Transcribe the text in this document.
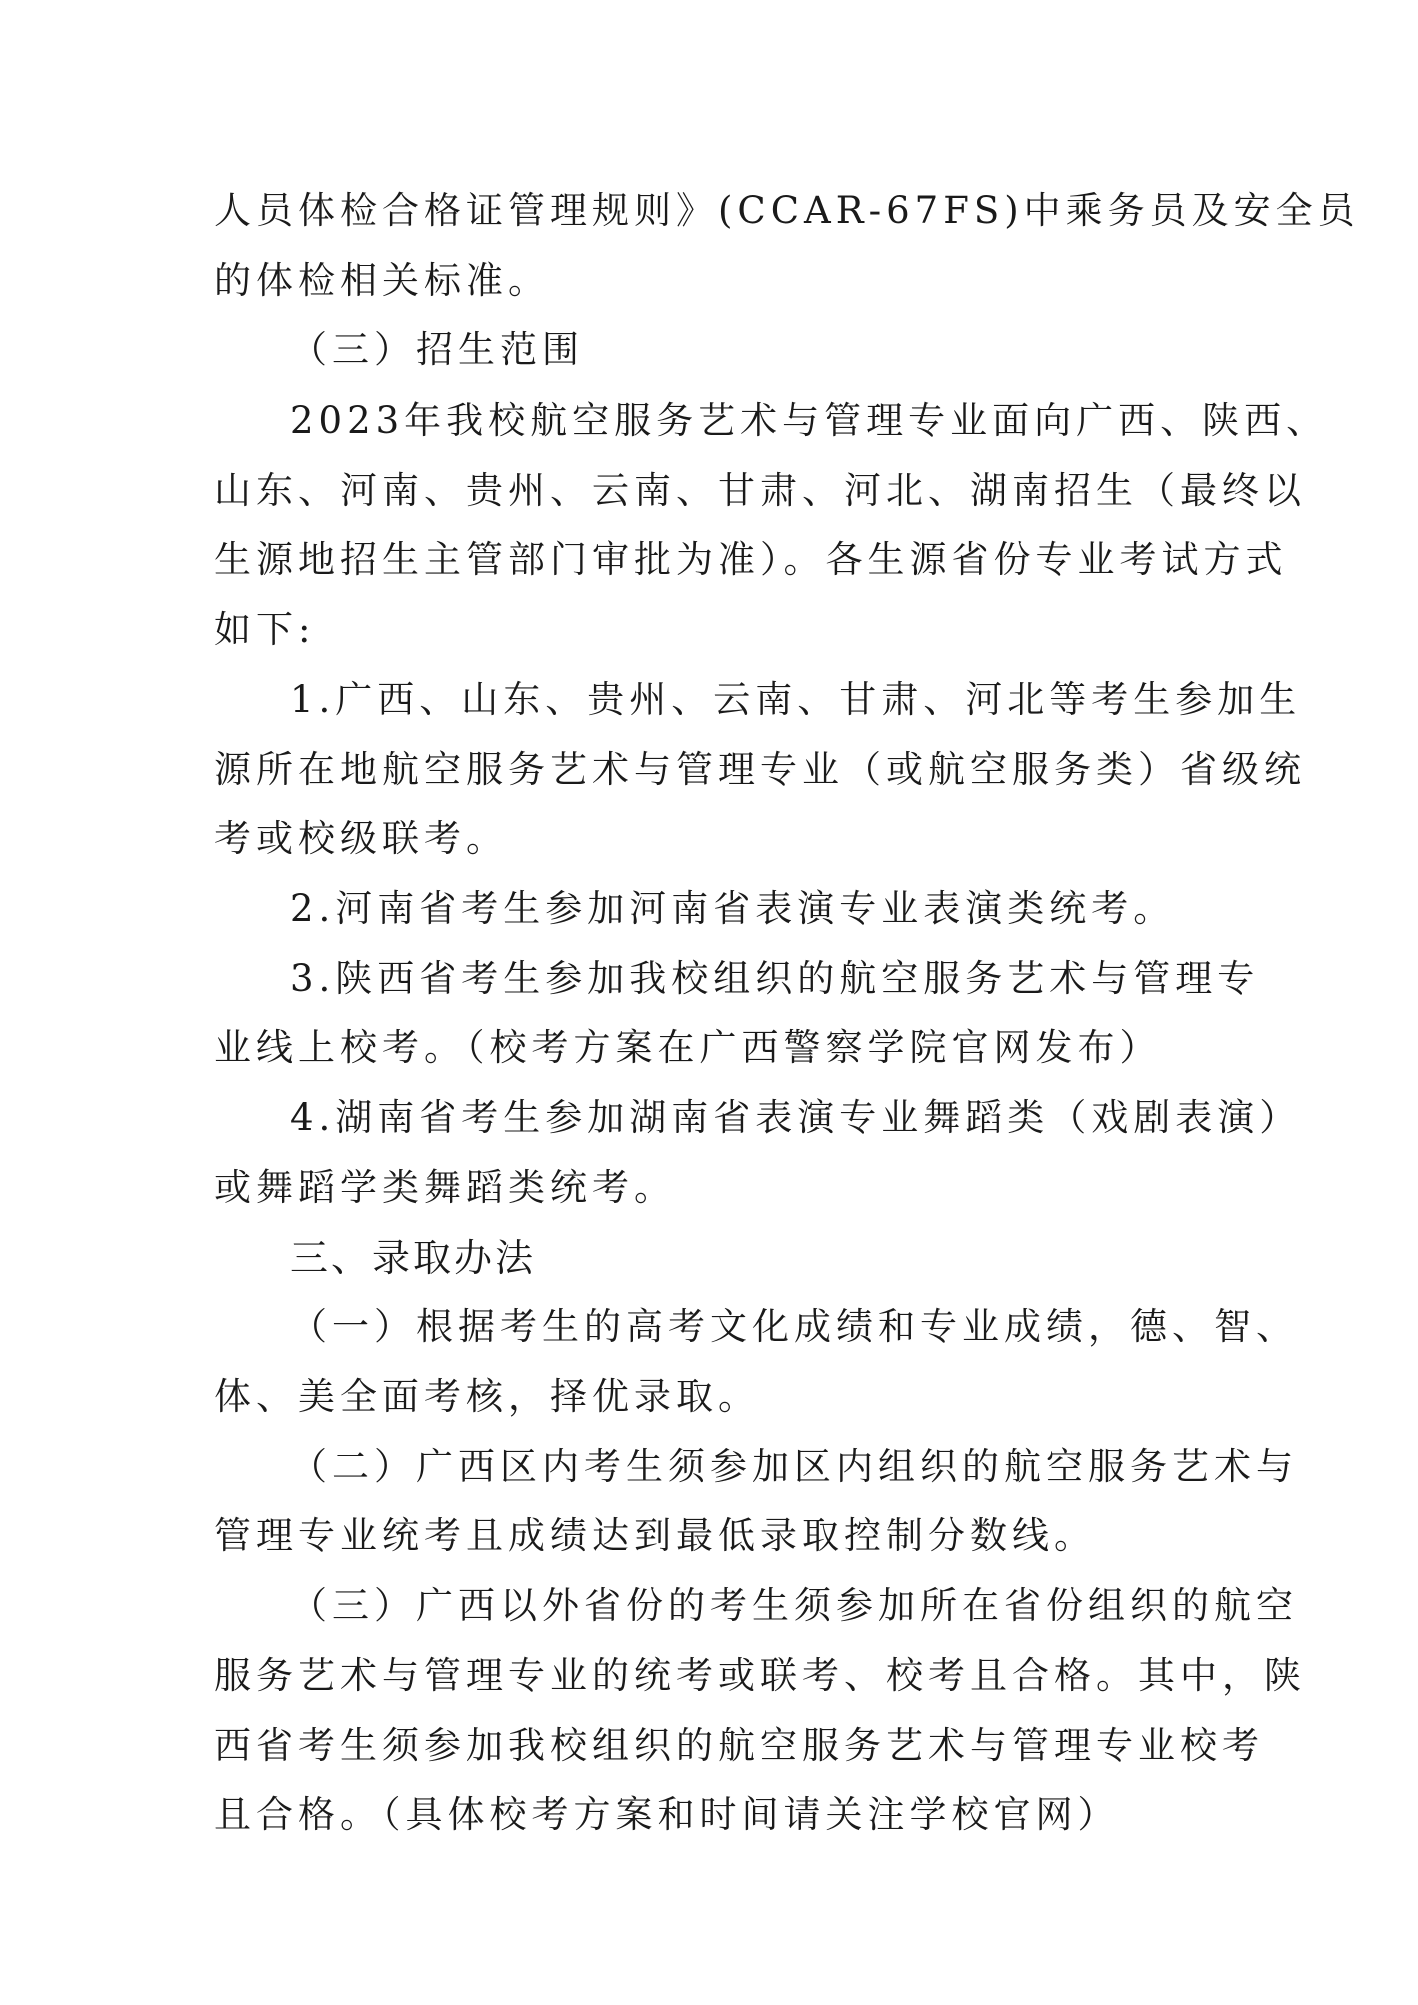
人员体检合格证管理规则》(CCAR-67FS)中乘务员及安全员
的体检相关标准。
（三）招生范围
2023年我校航空服务艺术与管理专业面向广西、陕西、
山东、河南、贵州、云南、甘肃、河北、湖南招生（最终以
生源地招生主管部门审批为准）。各生源省份专业考试方式
如下:
1.广西、山东、贵州、云南、甘肃、河北等考生参加生
源所在地航空服务艺术与管理专业（或航空服务类）省级统
考或校级联考。
2.河南省考生参加河南省表演专业表演类统考。
3.陕西省考生参加我校组织的航空服务艺术与管理专
业线上校考。（校考方案在广西警察学院官网发布）
4.湖南省考生参加湖南省表演专业舞蹈类（戏剧表演）
或舞蹈学类舞蹈类统考。
三、录取办法
（一）根据考生的高考文化成绩和专业成绩，德、智、
体、美全面考核，择优录取。
（二）广西区内考生须参加区内组织的航空服务艺术与
管理专业统考且成绩达到最低录取控制分数线。
（三）广西以外省份的考生须参加所在省份组织的航空
服务艺术与管理专业的统考或联考、校考且合格。其中，陕
西省考生须参加我校组织的航空服务艺术与管理专业校考
且合格。（具体校考方案和时间请关注学校官网）
